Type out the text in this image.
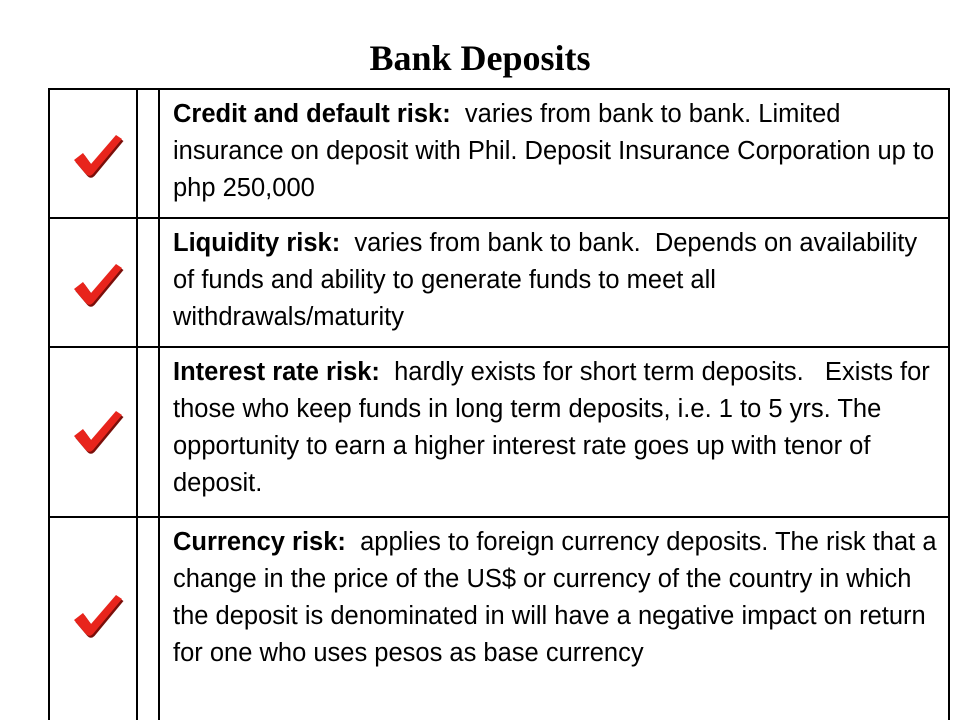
Bank Deposits
Credit and default risk:  varies from bank to bank. Limited insurance on deposit with Phil. Deposit Insurance Corporation up to php 250,000
Liquidity risk:  varies from bank to bank.  Depends on availability of funds and ability to generate funds to meet all withdrawals/maturity
Interest rate risk:  hardly exists for short term deposits.   Exists for those who keep funds in long term deposits, i.e. 1 to 5 yrs. The opportunity to earn a higher interest rate goes up with tenor of deposit.
Currency risk:  applies to foreign currency deposits. The risk that a change in the price of the US$ or currency of the country in which the deposit is denominated in will have a negative impact on return for one who uses pesos as base currency
